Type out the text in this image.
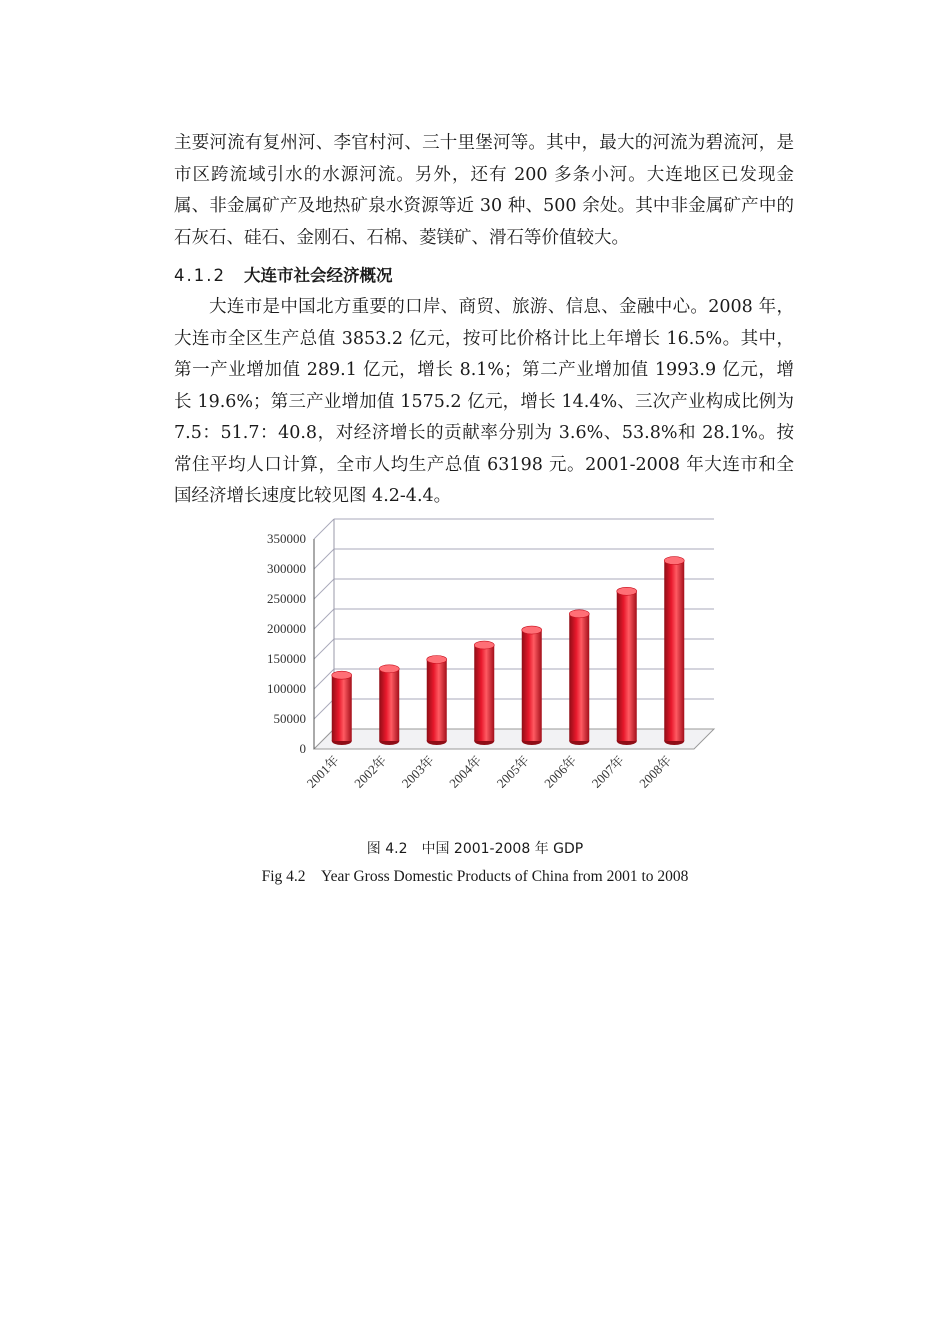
主要河流有复州河、李官村河、三十里堡河等。其中，最大的河流为碧流河，是市区跨流域引水的水源河流。另外，还有 200 多条小河。大连地区已发现金属、非金属矿产及地热矿泉水资源等近 30 种、500 余处。其中非金属矿产中的石灰石、硅石、金刚石、石棉、菱镁矿、滑石等价值较大。

4.1.2 大连市社会经济概况

大连市是中国北方重要的口岸、商贸、旅游、信息、金融中心。2008 年，大连市全区生产总值 3853.2 亿元，按可比价格计比上年增长 16.5%。其中，第一产业增加值 289.1 亿元，增长 8.1%；第二产业增加值 1993.9 亿元，增长 19.6%；第三产业增加值 1575.2 亿元，增长 14.4%、三次产业构成比例为 7.5：51.7：40.8，对经济增长的贡献率分别为 3.6%、53.8%和 28.1%。按常住平均人口计算，全市人均生产总值 63198 元。2001-2008 年大连市和全国经济增长速度比较见图 4.2-4.4。

0
50000
100000
150000
200000
250000
300000
350000
2001年 2002年 2003年 2004年 2005年 2006年 2007年 2008年

图 4.2　中国 2001-2008 年 GDP

Fig 4.2　Year Gross Domestic Products of China from 2001 to 2008
